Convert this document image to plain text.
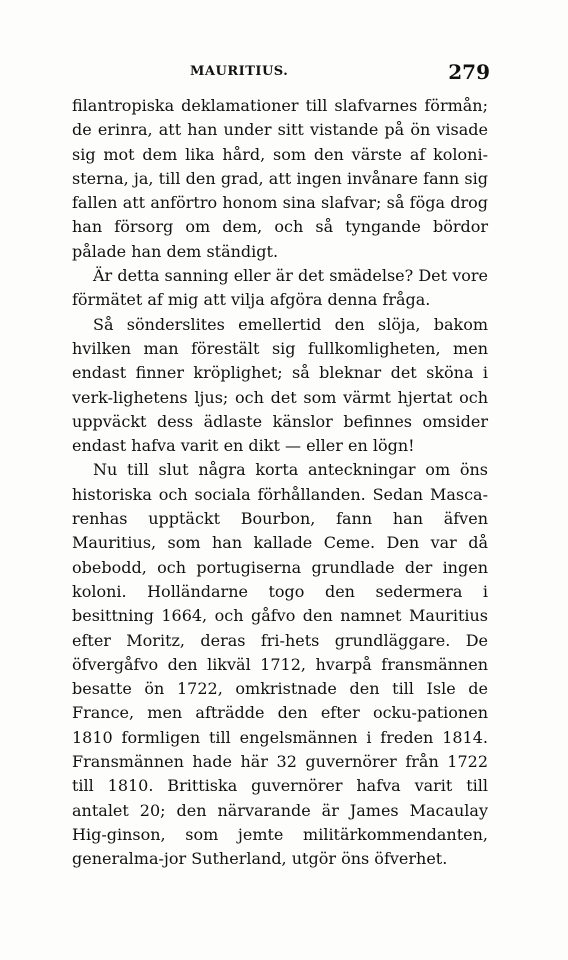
MAURITIUS.	279

filantropiska deklamationer till slafvarnes förmån; de erinra, att han under sitt vistande på ön visade sig mot dem lika hård, som den värste af koloni-sterna, ja, till den grad, att ingen invånare fann sig fallen att anförtro honom sina slafvar; så föga drog han försorg om dem, och så tyngande bördor pålade han dem ständigt.

Är detta sanning eller är det smädelse? Det vore förmätet af mig att vilja afgöra denna fråga.

Så sönderslites emellertid den slöja, bakom hvilken man förestält sig fullkomligheten, men endast finner kröplighet; så bleknar det sköna i verk-lighetens ljus; och det som värmt hjertat och uppväckt dess ädlaste känslor befinnes omsider endast hafva varit en dikt — eller en lögn!

Nu till slut några korta anteckningar om öns historiska och sociala förhållanden. Sedan Masca-renhas upptäckt Bourbon, fann han äfven Mauritius, som han kallade Ceme. Den var då obebodd, och portugiserna grundlade der ingen koloni. Holländarne togo den sedermera i besittning 1664, och gåfvo den namnet Mauritius efter Moritz, deras fri-hets grundläggare. De öfvergåfvo den likväl 1712, hvarpå fransmännen besatte ön 1722, omkristnade den till Isle de France, men afträdde den efter ocku-pationen 1810 formligen till engelsmännen i freden 1814. Fransmännen hade här 32 guvernörer från 1722 till 1810. Brittiska guvernörer hafva varit till antalet 20; den närvarande är James Macaulay Hig-ginson, som jemte militärkommendanten, generalma-jor Sutherland, utgör öns öfverhet.
